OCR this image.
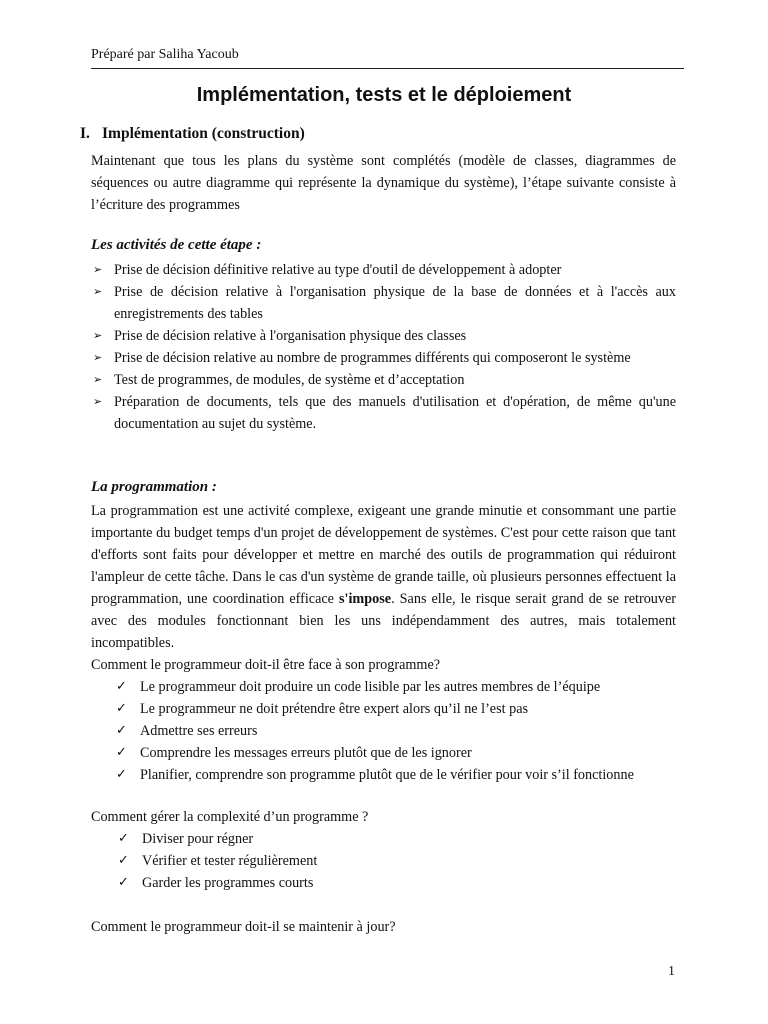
Préparé par Saliha Yacoub
Implémentation, tests et le déploiement
I. Implémentation (construction)
Maintenant que tous les plans du système sont complétés (modèle de classes, diagrammes de séquences ou autre diagramme qui représente la dynamique du système), l’étape suivante consiste à l’écriture des programmes
Les activités de cette étape :
➢ Prise de décision définitive relative au type d'outil de développement à adopter
➢ Prise de décision relative à l'organisation physique de la base de données et à l'accès aux enregistrements des tables
➢ Prise de décision relative à l'organisation physique des classes
➢ Prise de décision relative au nombre de programmes différents qui composeront le système
➢ Test de programmes, de modules, de système et d’acceptation
➢ Préparation de documents, tels que des manuels d'utilisation et d'opération, de même qu'une documentation au sujet du système.
La programmation :
La programmation est une activité complexe, exigeant une grande minutie et consommant une partie importante du budget temps d'un projet de développement de systèmes. C'est pour cette raison que tant d'efforts sont faits pour développer et mettre en marché des outils de programmation qui réduiront l'ampleur de cette tâche. Dans le cas d'un système de grande taille, où plusieurs personnes effectuent la programmation, une coordination efficace s'impose. Sans elle, le risque serait grand de se retrouver avec des modules fonctionnant bien les uns indépendamment des autres, mais totalement incompatibles.
Comment le programmeur doit-il être face à son programme?
✓ Le programmeur doit produire un code lisible par les autres membres de l’équipe
✓ Le programmeur ne doit prétendre être expert alors qu’il ne l’est pas
✓ Admettre ses erreurs
✓ Comprendre les messages erreurs plutôt que de les ignorer
✓ Planifier, comprendre son programme plutôt que de le vérifier pour voir s’il fonctionne
Comment gérer la complexité d’un programme ?
✓ Diviser pour régner
✓ Vérifier et tester régulièrement
✓ Garder les programmes courts
Comment le programmeur doit-il se maintenir à jour?
1
